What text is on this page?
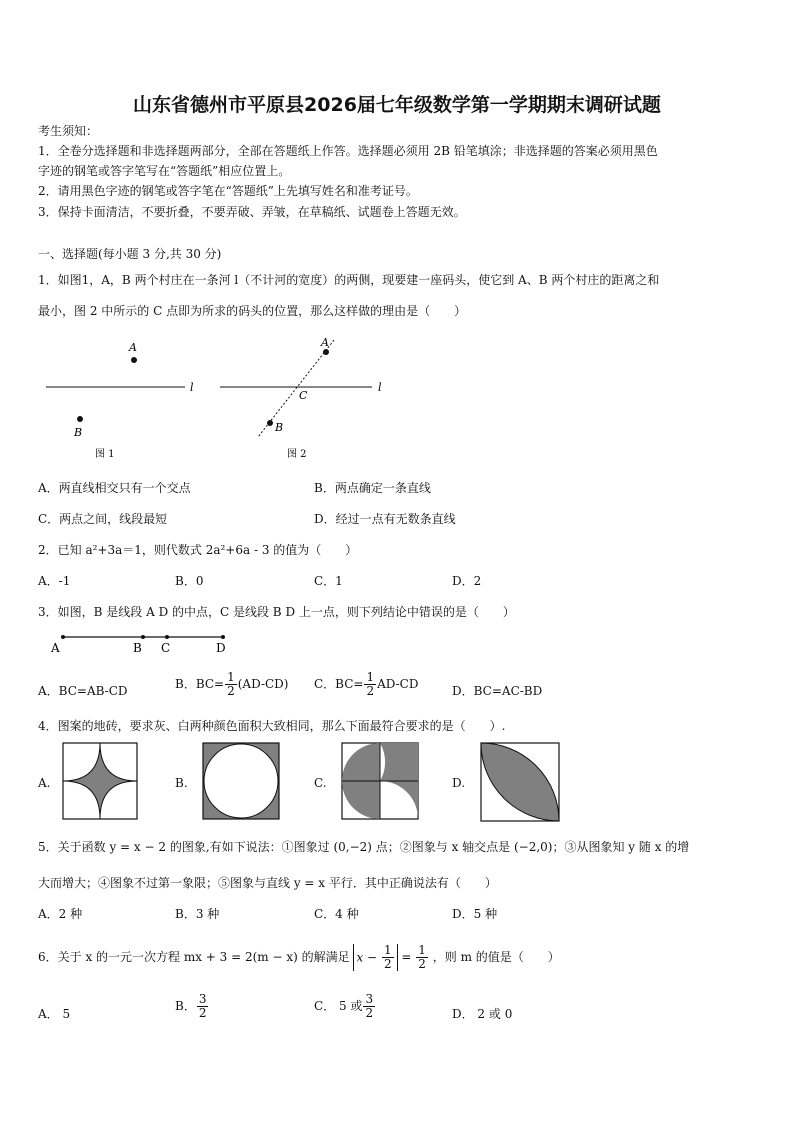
山东省德州市平原县2026届七年级数学第一学期期末调研试题
考生须知：
1．全卷分选择题和非选择题两部分，全部在答题纸上作答。选择题必须用 2B 铅笔填涂；非选择题的答案必须用黑色
字迹的钢笔或答字笔写在“答题纸”相应位置上。
2．请用黑色字迹的钢笔或答字笔在“答题纸”上先填写姓名和准考证号。
3．保持卡面清洁，不要折叠，不要弄破、弄皱，在草稿纸、试题卷上答题无效。
一、选择题(每小题 3 分,共 30 分)
1．如图1，A，B 两个村庄在一条河 l（不计河的宽度）的两侧，现要建一座码头，使它到 A、B 两个村庄的距离之和
最小，图 2 中所示的 C 点即为所求的码头的位置，那么这样做的理由是（　　）
A
l
B
图 1
l
A
C
B
图 2
A．两直线相交只有一个交点	B．两点确定一条直线
C．两点之间，线段最短	D．经过一点有无数条直线
2．已知 a²+3a＝1，则代数式 2a²+6a - 3 的值为（　　）
A．-1	B．0	C．1	D．2
3．如图，B 是线段 A D 的中点，C 是线段 B D 上一点，则下列结论中错误的是（　　）
A	B C	D
A．BC=AB-CD	B．$BC= \frac{1}{2} (AD-CD)$ C．$BC= \frac{1}{2} AD-CD$	D．BC=AC-BD
4．图案的地砖，要求灰、白两种颜色面积大致相同，那么下面最符合要求的是（　　）.
A.	B.	C.	D.
5．关于函数 y = x − 2 的图象,有如下说法：①图象过 (0,−2) 点；②图象与 x 轴交点是 (−2,0)；③从图象知 y 随 x 的增
大而增大；④图象不过第一象限；⑤图象与直线 y = x 平行．其中正确说法有（　　）
A．2 种	B．3 种	C．4 种	D．5 种
6．关于 x 的一元一次方程 mx + 3 = 2(m − x) 的解满足 $x - \frac{1}{2} = \frac{1}{2}$ ，则 m 的值是（　　）
A． 5
B． $\frac{3}{2}$	C． 5 或 $\frac{3}{2}$	D． 2 或 0
